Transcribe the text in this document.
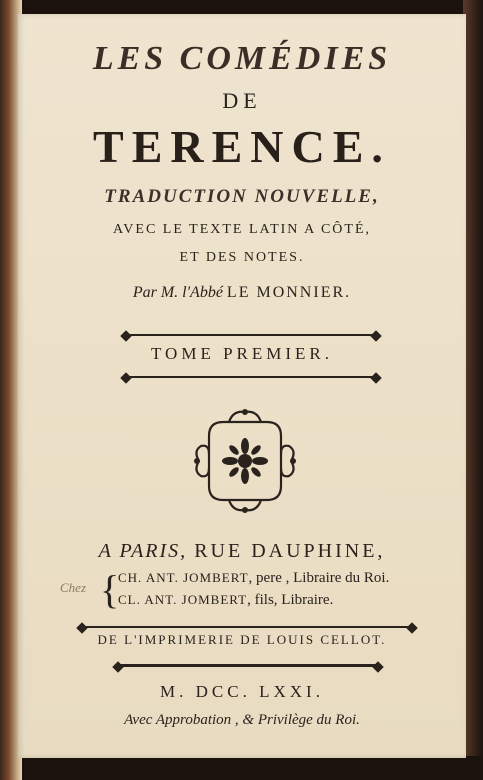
LES COMÉDIES
DE
TERENCE.
TRADUCTION NOUVELLE,
AVEC LE TEXTE LATIN A CÔTÉ,
ET DES NOTES.
Par M. l'Abbé LE MONNIER.
TOME PREMIER.
A PARIS, RUE DAUPHINE,
Chez {
CH. ANT. JOMBERT, pere , Libraire du Roi.
CL. ANT. JOMBERT, fils, Libraire.
DE L'IMPRIMERIE DE LOUIS CELLOT.
M. DCC. LXXI.
Avec Approbation , & Privilège du Roi.
